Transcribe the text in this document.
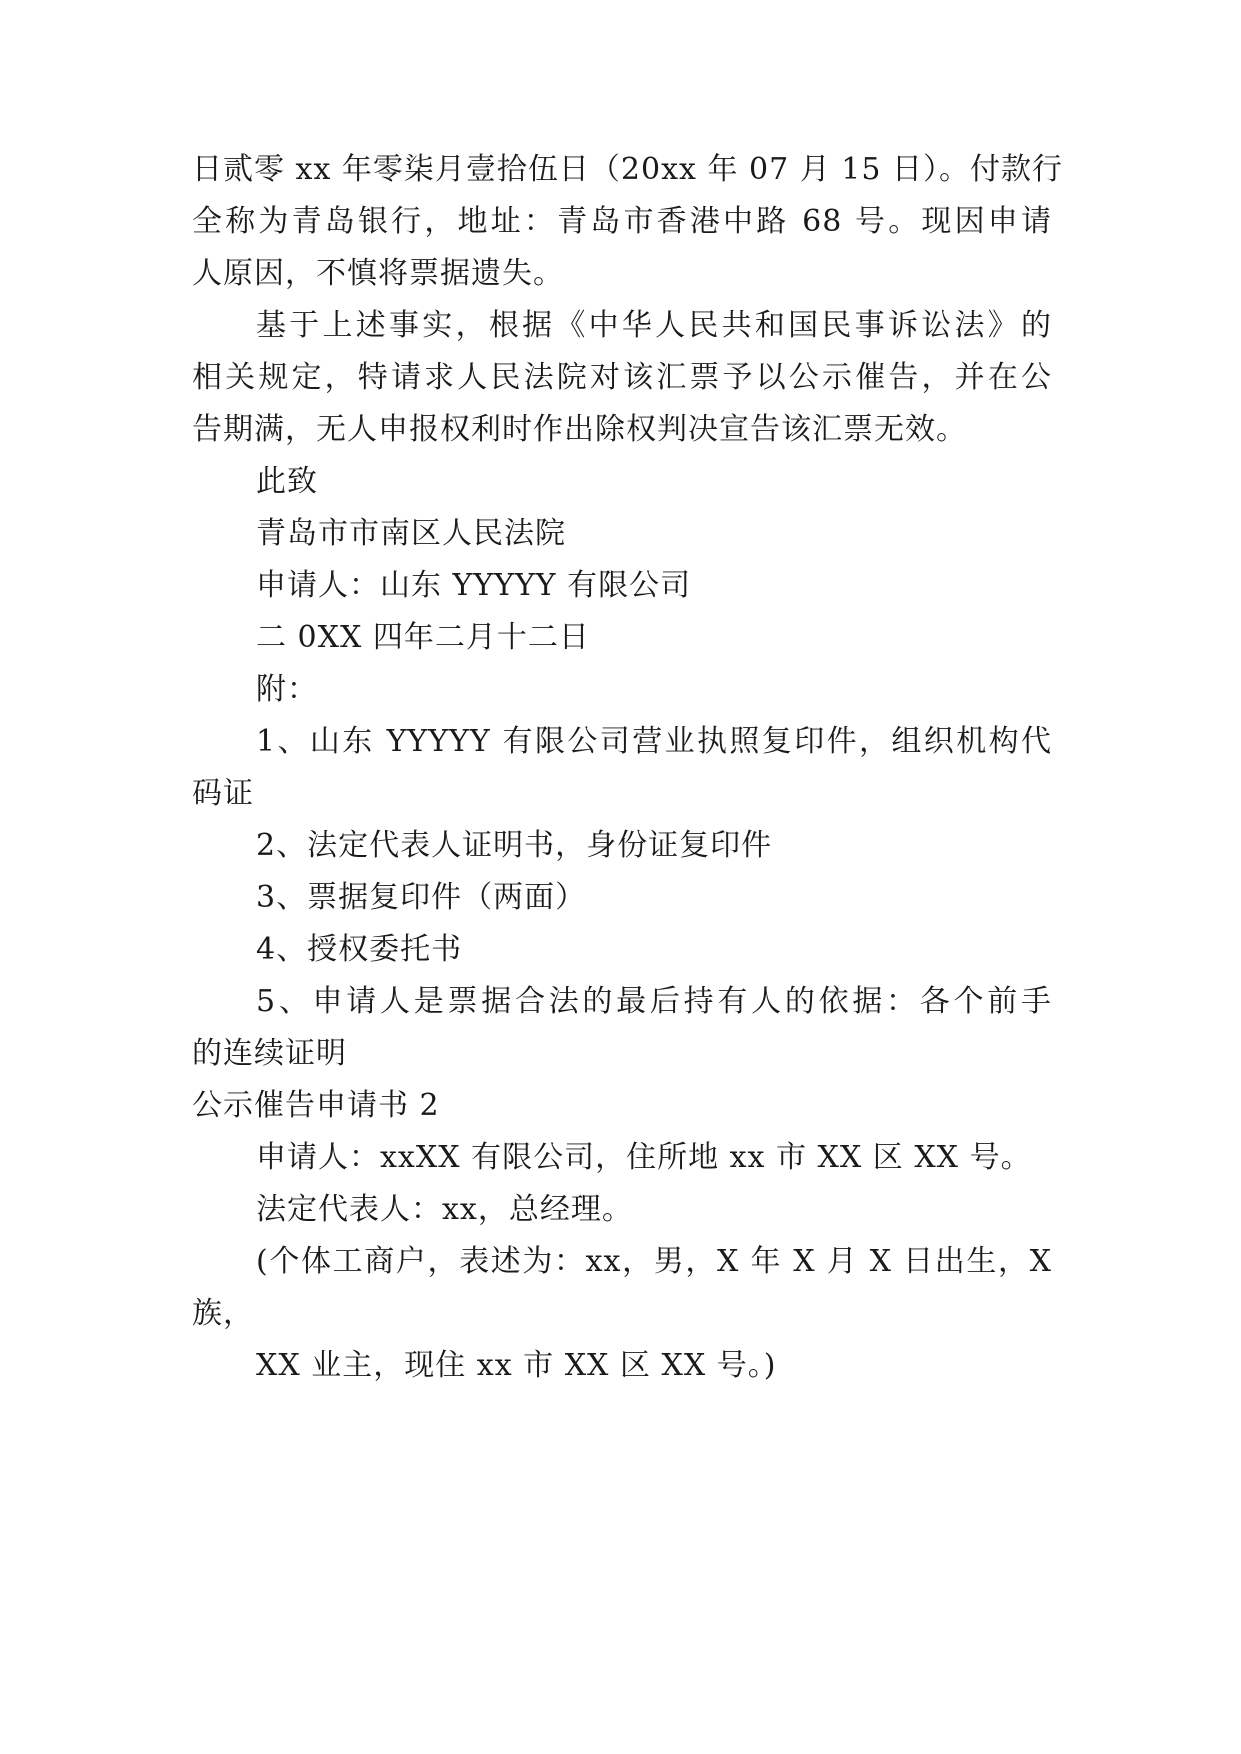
日贰零 xx 年零柒月壹拾伍日（20xx 年 07 月 15 日）。付款行
全称为青岛银行，地址：青岛市香港中路 68 号。现因申请
人原因，不慎将票据遗失。
基于上述事实，根据《中华人民共和国民事诉讼法》的
相关规定，特请求人民法院对该汇票予以公示催告，并在公
告期满，无人申报权利时作出除权判决宣告该汇票无效。
此致
青岛市市南区人民法院
申请人：山东 YYYYY 有限公司
二 0XX 四年二月十二日
附：
1、山东 YYYYY 有限公司营业执照复印件，组织机构代
码证
2、法定代表人证明书，身份证复印件
3、票据复印件（两面）
4、授权委托书
5、申请人是票据合法的最后持有人的依据：各个前手
的连续证明
公示催告申请书 2
申请人：xxXX 有限公司，住所地 xx 市 XX 区 XX 号。
法定代表人：xx，总经理。
(个体工商户，表述为：xx，男，X 年 X 月 X 日出生，X
族，
XX 业主，现住 xx 市 XX 区 XX 号。)
